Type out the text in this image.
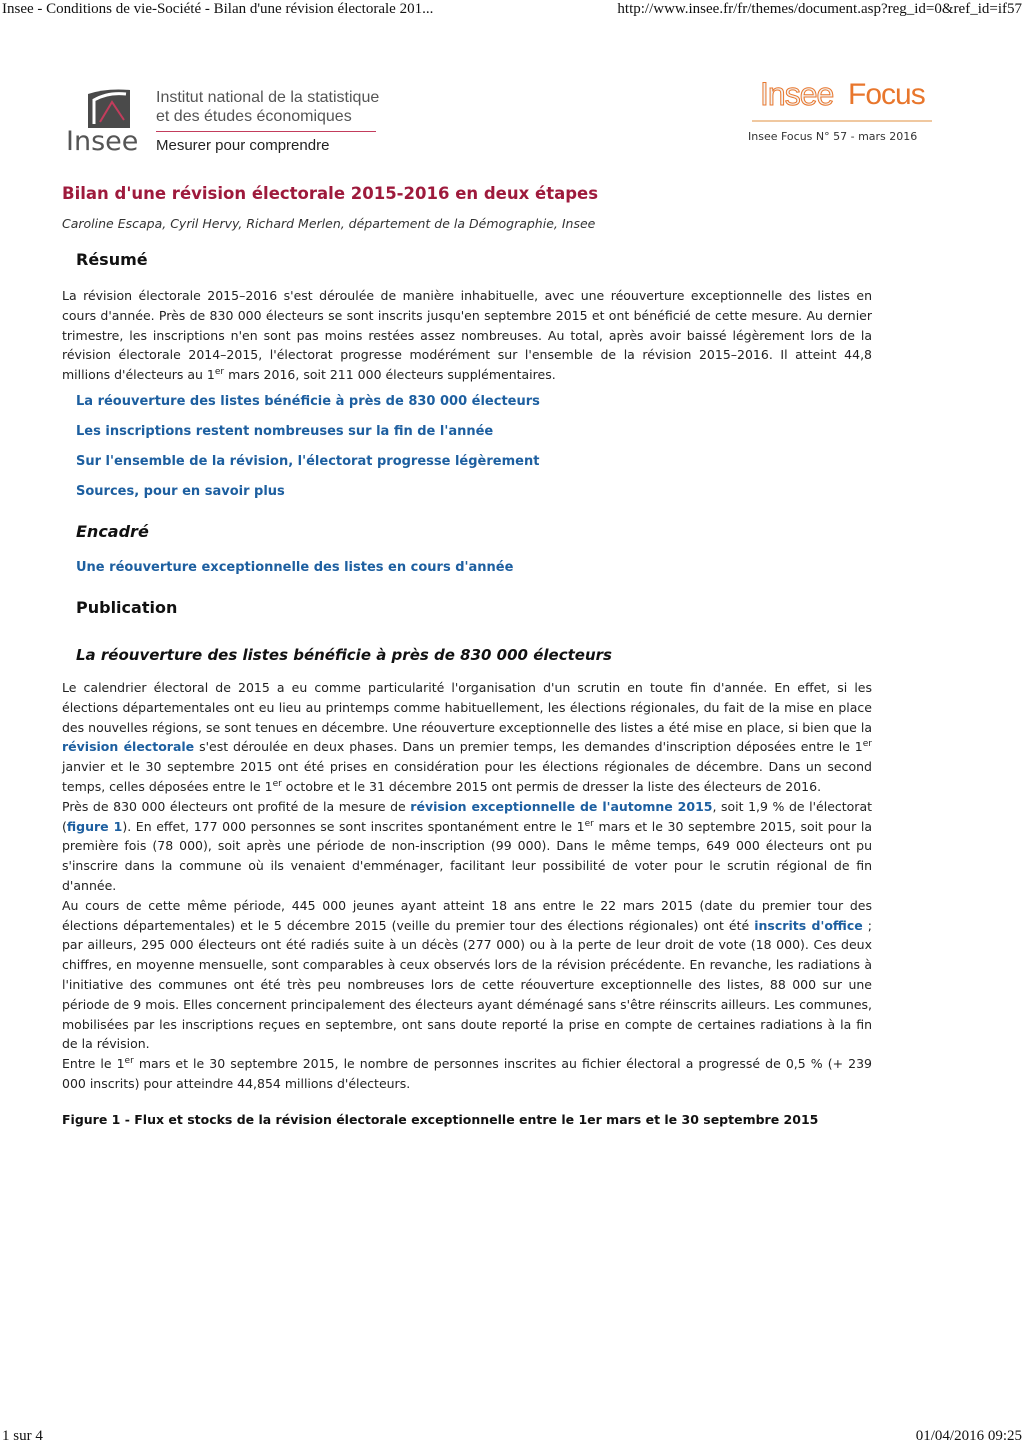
Insee - Conditions de vie-Société - Bilan d'une révision électorale 201...	http://www.insee.fr/fr/themes/document.asp?reg_id=0&ref_id=if57
Insee
Institut national de la statistique
et des études économiques
Mesurer pour comprendre
Insee Focus
Insee Focus N° 57 - mars 2016
Bilan d'une révision électorale 2015-2016 en deux étapes
Caroline Escapa, Cyril Hervy, Richard Merlen, département de la Démographie, Insee
Résumé

La révision électorale 2015–2016 s'est déroulée de manière inhabituelle, avec une réouverture exceptionnelle des listes en cours d'année. Près de 830 000 électeurs se sont inscrits jusqu'en septembre 2015 et ont bénéficié de cette mesure. Au dernier trimestre, les inscriptions n'en sont pas moins restées assez nombreuses. Au total, après avoir baissé légèrement lors de la révision électorale 2014–2015, l'électorat progresse modérément sur l'ensemble de la révision 2015–2016. Il atteint 44,8 millions d'électeurs au 1er mars 2016, soit 211 000 électeurs supplémentaires.

La réouverture des listes bénéficie à près de 830 000 électeurs
Les inscriptions restent nombreuses sur la fin de l'année
Sur l'ensemble de la révision, l'électorat progresse légèrement
Sources, pour en savoir plus
Encadré
Une réouverture exceptionnelle des listes en cours d'année
Publication
La réouverture des listes bénéficie à près de 830 000 électeurs

Le calendrier électoral de 2015 a eu comme particularité l'organisation d'un scrutin en toute fin d'année. En effet, si les élections départementales ont eu lieu au printemps comme habituellement, les élections régionales, du fait de la mise en place des nouvelles régions, se sont tenues en décembre. Une réouverture exceptionnelle des listes a été mise en place, si bien que la révision électorale s'est déroulée en deux phases. Dans un premier temps, les demandes d'inscription déposées entre le 1er janvier et le 30 septembre 2015 ont été prises en considération pour les élections régionales de décembre. Dans un second temps, celles déposées entre le 1er octobre et le 31 décembre 2015 ont permis de dresser la liste des électeurs de 2016.

Près de 830 000 électeurs ont profité de la mesure de révision exceptionnelle de l'automne 2015, soit 1,9 % de l'électorat (figure 1). En effet, 177 000 personnes se sont inscrites spontanément entre le 1er mars et le 30 septembre 2015, soit pour la première fois (78 000), soit après une période de non-inscription (99 000). Dans le même temps, 649 000 électeurs ont pu s'inscrire dans la commune où ils venaient d'emménager, facilitant leur possibilité de voter pour le scrutin régional de fin d'année.

Au cours de cette même période, 445 000 jeunes ayant atteint 18 ans entre le 22 mars 2015 (date du premier tour des élections départementales) et le 5 décembre 2015 (veille du premier tour des élections régionales) ont été inscrits d'office ; par ailleurs, 295 000 électeurs ont été radiés suite à un décès (277 000) ou à la perte de leur droit de vote (18 000). Ces deux chiffres, en moyenne mensuelle, sont comparables à ceux observés lors de la révision précédente. En revanche, les radiations à l'initiative des communes ont été très peu nombreuses lors de cette réouverture exceptionnelle des listes, 88 000 sur une période de 9 mois. Elles concernent principalement des électeurs ayant déménagé sans s'être réinscrits ailleurs. Les communes, mobilisées par les inscriptions reçues en septembre, ont sans doute reporté la prise en compte de certaines radiations à la fin de la révision.

Entre le 1er mars et le 30 septembre 2015, le nombre de personnes inscrites au fichier électoral a progressé de 0,5 % (+ 239 000 inscrits) pour atteindre 44,854 millions d'électeurs.

Figure 1 - Flux et stocks de la révision électorale exceptionnelle entre le 1er mars et le 30 septembre 2015
1 sur 4	01/04/2016 09:25
